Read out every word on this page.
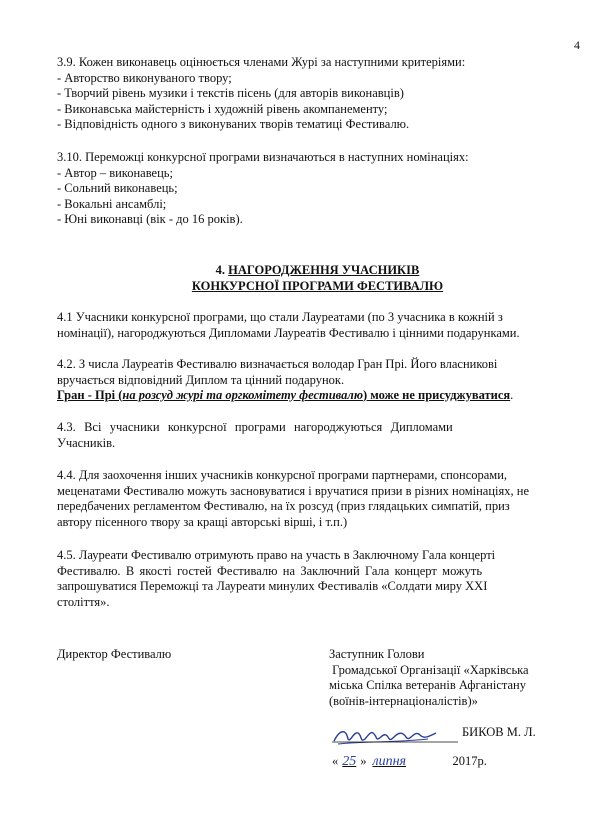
4
3.9. Кожен виконавець оцінюється членами Журі за наступними критеріями:
- Авторство виконуваного твору;
- Творчий рівень музики і текстів пісень (для авторів виконавців)
- Виконавська майстерність і художній рівень акомпанементу;
- Відповідність одного з виконуваних творів тематиці Фестивалю.
3.10. Переможці конкурсної програми визначаються в наступних номінаціях:
- Автор – виконавець;
- Сольний виконавець;
- Вокальні ансамблі;
- Юні виконавці (вік - до 16 років).
4. НАГОРОДЖЕННЯ УЧАСНИКІВ
КОНКУРСНОЇ ПРОГРАМИ ФЕСТИВАЛЮ
4.1 Учасники конкурсної програми, що стали Лауреатами (по 3 учасника в кожній з
номінації), нагороджуються Дипломами Лауреатів Фестивалю і цінними подарунками.
4.2. З числа Лауреатів Фестивалю визначається володар Гран Прі. Його власникові
вручається відповідний Диплом та цінний подарунок.
Гран - Прі (на розсуд журі та оргкомітету фестивалю) може не присуджуватися.
4.3. Всі учасники конкурсної програми нагороджуються Дипломами
Учасників.
4.4. Для заохочення інших учасників конкурсної програми партнерами, спонсорами,
меценатами Фестивалю можуть засновуватися і вручатися призи в різних номінаціях, не
передбачених регламентом Фестивалю, на їх розсуд (приз глядацьких симпатій, приз
автору пісенного твору за кращі авторські вірші, і т.п.)
4.5. Лауреати Фестивалю отримують право на участь в Заключному Гала концерті
Фестивалю. В якості гостей Фестивалю на Заключний Гала концерт можуть
запрошуватися Переможці та Лауреати минулих Фестивалів «Солдати миру XXI
століття».
Директор Фестивалю	Заступник Голови
Громадської Організації «Харківська
міська Спілка ветеранів Афганістану
(воїнів-інтернаціоналістів)»
БИКОВ М. Л.
« 25 » липня	2017р.
